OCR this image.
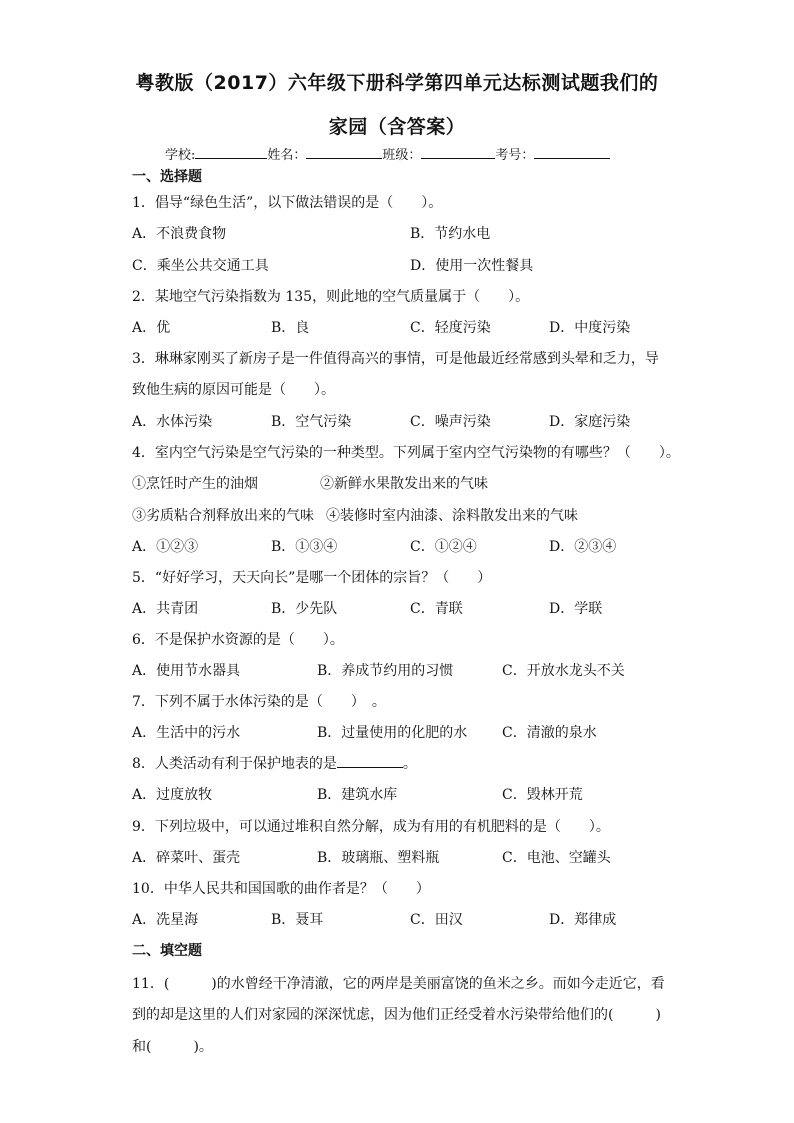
粤教版（2017）六年级下册科学第四单元达标测试题我们的
家园（含答案）
学校:	姓名：	班级：	考号：
一、选择题
1．倡导“绿色生活”，以下做法错误的是（　　）。
A．不浪费食物	B．节约水电
C．乘坐公共交通工具	D．使用一次性餐具
2．某地空气污染指数为 135，则此地的空气质量属于（　　）。
A．优	B．良	C．轻度污染	D．中度污染
3．琳琳家刚买了新房子是一件值得高兴的事情，可是他最近经常感到头晕和乏力，导
致他生病的原因可能是（　　）。
A．水体污染	B．空气污染	C．噪声污染	D．家庭污染
4．室内空气污染是空气污染的一种类型。下列属于室内空气污染物的有哪些？（　　）。
①烹饪时产生的油烟	②新鲜水果散发出来的气味
③劣质粘合剂释放出来的气味 ④装修时室内油漆、涂料散发出来的气味
A．①②③	B．①③④	C．①②④	D．②③④
5．“好好学习，天天向长”是哪一个团体的宗旨？（　　）
A．共青团	B．少先队	C．青联	D．学联
6．不是保护水资源的是（　　）。
A．使用节水器具	B．养成节约用的习惯	C．开放水龙头不关
7．下列不属于水体污染的是（　　）　。
A．生活中的污水	B．过量使用的化肥的水 C．清澈的泉水
8．人类活动有利于保护地表的是	。
A．过度放牧	B．建筑水库	C．毁林开荒
9．下列垃圾中，可以通过堆积自然分解，成为有用的有机肥料的是（　　）。
A．碎菜叶、蛋壳	B．玻璃瓶、塑料瓶	C．电池、空罐头
10．中华人民共和国国歌的曲作者是？（　　）
A．冼星海	B．聂耳	C．田汉	D．郑律成
二、填空题
11．(　　　)的水曾经干净清澈，它的两岸是美丽富饶的鱼米之乡。而如今走近它，看
到的却是这里的人们对家园的深深忧虑，因为他们正经受着水污染带给他们的(　　　)
和(　　　)。
